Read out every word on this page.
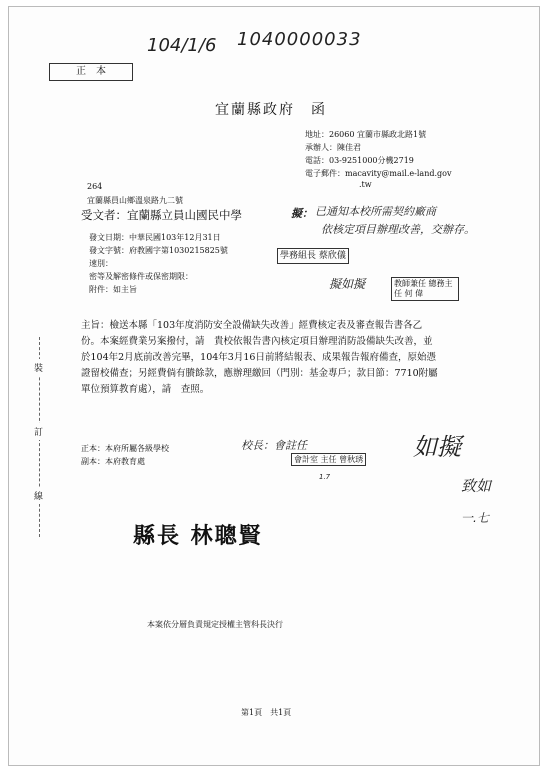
104/1/6 1040000033
正　本
宜蘭縣政府　函
地址：26060 宜蘭市縣政北路1號
承辦人：陳佳君
電話：03-9251000分機2719
電子郵件：macavity@mail.e-land.gov
.tw
264
宜蘭縣員山鄉溫泉路九二號
受文者：宜蘭縣立員山國民中學	擬： 已通知本校所需契約廠商
依核定項目辦理改善，交辦存。
發文日期：中華民國103年12月31日
發文字號：府教國字第1030215825號
速別：
密等及解密條件或保密期限：
附件：如主旨
學務組長 蔡欣儀
擬如擬	教師兼任 總務主任 何 偉
裝
訂
線
主旨：檢送本縣「103年度消防安全設備缺失改善」經費核定表及審查報告書各乙份。本案經費業另案撥付，請　貴校依報告書內核定項目辦理消防設備缺失改善，並於104年2月底前改善完畢，104年3月16日前將結報表、成果報告報府備查，原始憑證留校備查；另經費倘有賸餘款，應辦理繳回（門別：基金專戶；款目節：7710附屬單位預算教育處），請　查照。
正本：本府所屬各級學校
副本：本府教育處
校長：會註任
會計室 主任 曾秋琇
1.7
如擬
致如
一.七
縣長 林聰賢
本案依分層負責規定授權主管科長決行
第1頁　共1頁
